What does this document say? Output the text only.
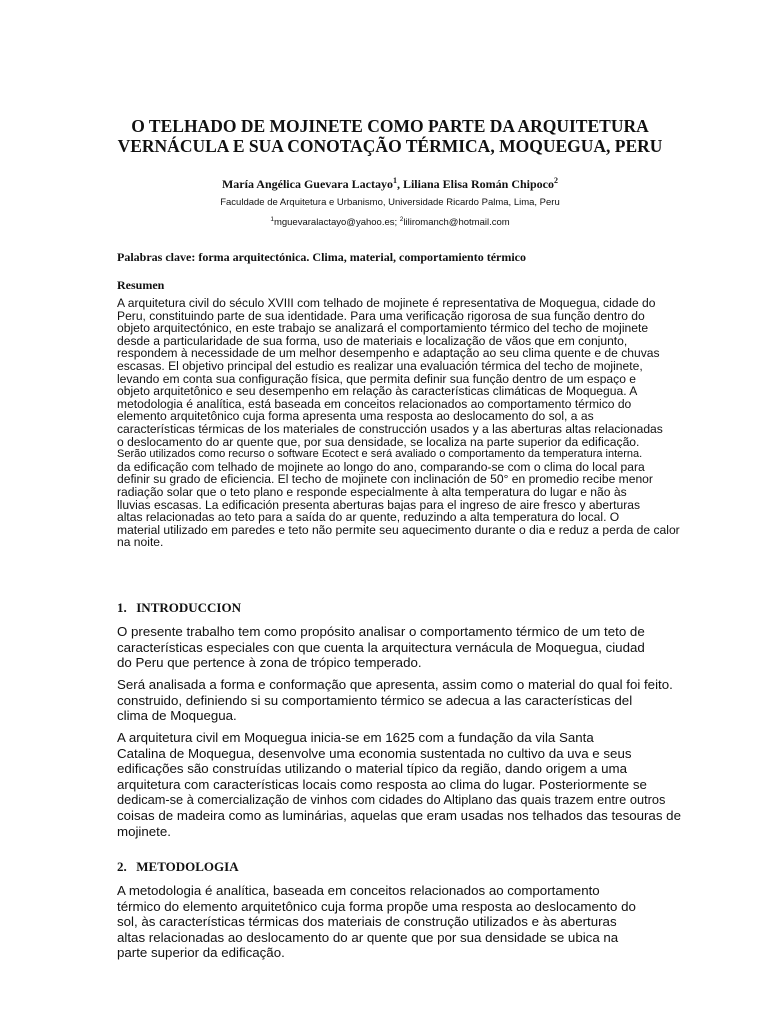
O TELHADO DE MOJINETE COMO PARTE DA ARQUITETURA
VERNÁCULA E SUA CONOTAÇÃO TÉRMICA, MOQUEGUA, PERU

María Angélica Guevara Lactayo$^1$, Liliana Elisa Román Chipoco$^2$

Faculdade de Arquitetura e Urbanismo, Universidade Ricardo Palma, Lima, Peru

$^1$mguevaralactayo@yahoo.es; $^2$liliromanch@hotmail.com

Palabras clave: forma arquitectónica. Clima, material, comportamiento térmico

Resumen

A arquitetura civil do século XVIII com telhado de mojinete é representativa de Moquegua, cidade do
Peru, constituindo parte de sua identidade. Para uma verificação rigorosa de sua função dentro do
objeto arquitectónico, en este trabajo se analizará el comportamiento térmico del techo de mojinete
desde a particularidade de sua forma, uso de materiais e localização de vãos que em conjunto,
respondem à necessidade de um melhor desempenho e adaptação ao seu clima quente e de chuvas
escasas. El objetivo principal del estudio es realizar una evaluación térmica del techo de mojinete,
levando em conta sua configuração física, que permita definir sua função dentro de um espaço e
objeto arquitetônico e seu desempenho em relação às características climáticas de Moquegua. A
metodologia é analítica, está baseada em conceitos relacionados ao comportamento térmico do
elemento arquitetônico cuja forma apresenta uma resposta ao deslocamento do sol, a as
características térmicas de los materiales de construcción usados y a las aberturas altas relacionadas
o deslocamento do ar quente que, por sua densidade, se localiza na parte superior da edificação.
Serão utilizados como recurso o software Ecotect e será avaliado o comportamento da temperatura interna.
da edificação com telhado de mojinete ao longo do ano, comparando-se com o clima do local para
definir su grado de eficiencia. El techo de mojinete con inclinación de 50° en promedio recibe menor
radiação solar que o teto plano e responde especialmente à alta temperatura do lugar e não às
lluvias escasas. La edificación presenta aberturas bajas para el ingreso de aire fresco y aberturas
altas relacionadas ao teto para a saída do ar quente, reduzindo a alta temperatura do local. O
material utilizado em paredes e teto não permite seu aquecimento durante o dia e reduz a perda de calor
na noite.

1. INTRODUCCION

O presente trabalho tem como propósito analisar o comportamento térmico de um teto de
características especiales con que cuenta la arquitectura vernácula de Moquegua, ciudad
do Peru que pertence à zona de trópico temperado.
Será analisada a forma e conformação que apresenta, assim como o material do qual foi feito.
construido, definiendo si su comportamiento térmico se adecua a las características del
clima de Moquegua.
A arquitetura civil em Moquegua inicia-se em 1625 com a fundação da vila Santa
Catalina de Moquegua, desenvolve uma economia sustentada no cultivo da uva e seus
edificações são construídas utilizando o material típico da região, dando origem a uma
arquitetura com características locais como resposta ao clima do lugar. Posteriormente se
dedicam-se à comercialização de vinhos com cidades do Altiplano das quais trazem entre outros
coisas de madeira como as luminárias, aquelas que eram usadas nos telhados das tesouras de
mojinete.

2. METODOLOGIA

A metodologia é analítica, baseada em conceitos relacionados ao comportamento
térmico do elemento arquitetônico cuja forma propõe uma resposta ao deslocamento do
sol, às características térmicas dos materiais de construção utilizados e às aberturas
altas relacionadas ao deslocamento do ar quente que por sua densidade se ubica na
parte superior da edificação.
